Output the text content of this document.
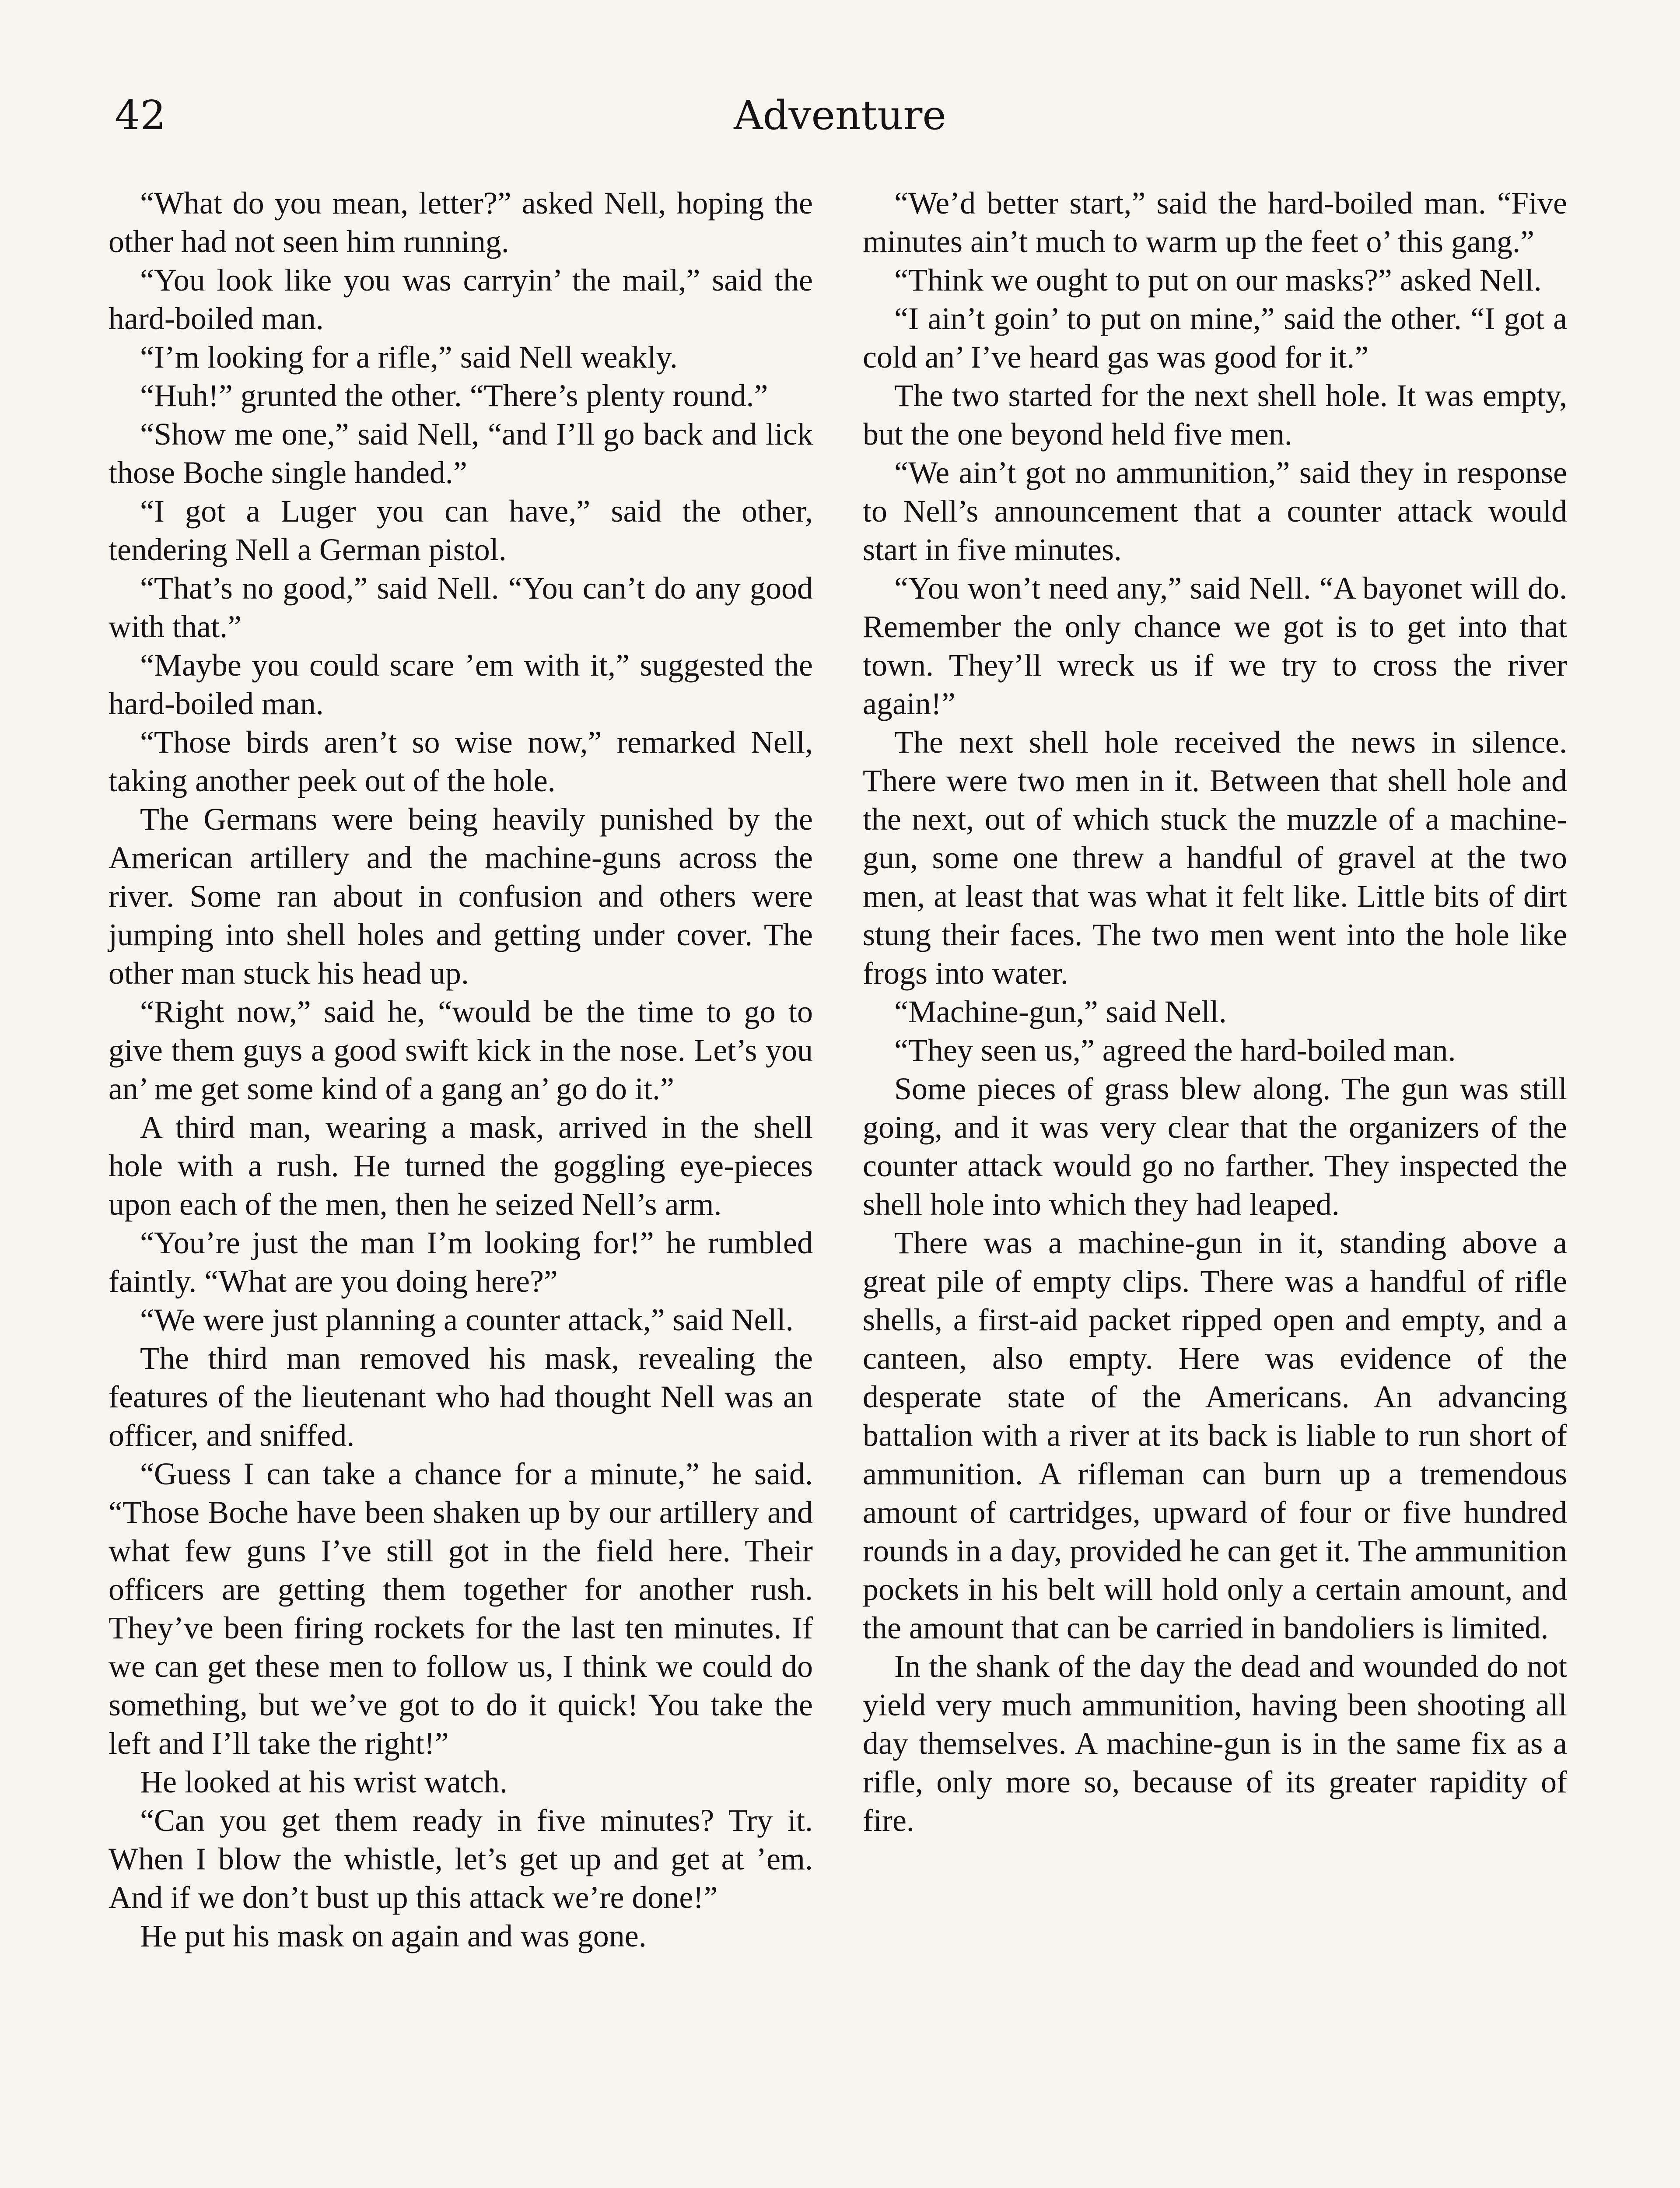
42	Adventure

“What do you mean, letter?” asked Nell, hoping the other had not seen him running.

“You look like you was carryin’ the mail,” said the hard-boiled man.

“I’m looking for a rifle,” said Nell weakly.

“Huh!” grunted the other. “There’s plenty round.”

“Show me one,” said Nell, “and I’ll go back and lick those Boche single handed.”

“I got a Luger you can have,” said the other, tendering Nell a German pistol.

“That’s no good,” said Nell. “You can’t do any good with that.”

“Maybe you could scare ’em with it,” suggested the hard-boiled man.

“Those birds aren’t so wise now,” remarked Nell, taking another peek out of the hole.

The Germans were being heavily punished by the American artillery and the machine-guns across the river. Some ran about in confusion and others were jumping into shell holes and getting under cover. The other man stuck his head up.

“Right now,” said he, “would be the time to go to give them guys a good swift kick in the nose. Let’s you an’ me get some kind of a gang an’ go do it.”

A third man, wearing a mask, arrived in the shell hole with a rush. He turned the goggling eye-pieces upon each of the men, then he seized Nell’s arm.

“You’re just the man I’m looking for!” he rumbled faintly. “What are you doing here?”

“We were just planning a counter attack,” said Nell.

The third man removed his mask, revealing the features of the lieutenant who had thought Nell was an officer, and sniffed.

“Guess I can take a chance for a minute,” he said. “Those Boche have been shaken up by our artillery and what few guns I’ve still got in the field here. Their officers are getting them together for another rush. They’ve been firing rockets for the last ten minutes. If we can get these men to follow us, I think we could do something, but we’ve got to do it quick! You take the left and I’ll take the right!”

He looked at his wrist watch.

“Can you get them ready in five minutes? Try it. When I blow the whistle, let’s get up and get at ’em. And if we don’t bust up this attack we’re done!”

He put his mask on again and was gone.

“We’d better start,” said the hard-boiled man. “Five minutes ain’t much to warm up the feet o’ this gang.”

“Think we ought to put on our masks?” asked Nell.

“I ain’t goin’ to put on mine,” said the other. “I got a cold an’ I’ve heard gas was good for it.”

The two started for the next shell hole. It was empty, but the one beyond held five men.

“We ain’t got no ammunition,” said they in response to Nell’s announcement that a counter attack would start in five minutes.

“You won’t need any,” said Nell. “A bayonet will do. Remember the only chance we got is to get into that town. They’ll wreck us if we try to cross the river again!”

The next shell hole received the news in silence. There were two men in it. Between that shell hole and the next, out of which stuck the muzzle of a machine-gun, some one threw a handful of gravel at the two men, at least that was what it felt like. Little bits of dirt stung their faces. The two men went into the hole like frogs into water.

“Machine-gun,” said Nell.

“They seen us,” agreed the hard-boiled man.

Some pieces of grass blew along. The gun was still going, and it was very clear that the organizers of the counter attack would go no farther. They inspected the shell hole into which they had leaped.

There was a machine-gun in it, standing above a great pile of empty clips. There was a handful of rifle shells, a first-aid packet ripped open and empty, and a canteen, also empty. Here was evidence of the desperate state of the Americans. An advancing battalion with a river at its back is liable to run short of ammunition. A rifleman can burn up a tremendous amount of cartridges, upward of four or five hundred rounds in a day, provided he can get it. The ammunition pockets in his belt will hold only a certain amount, and the amount that can be carried in bandoliers is limited.

In the shank of the day the dead and wounded do not yield very much ammunition, having been shooting all day themselves. A machine-gun is in the same fix as a rifle, only more so, because of its greater rapidity of fire.
